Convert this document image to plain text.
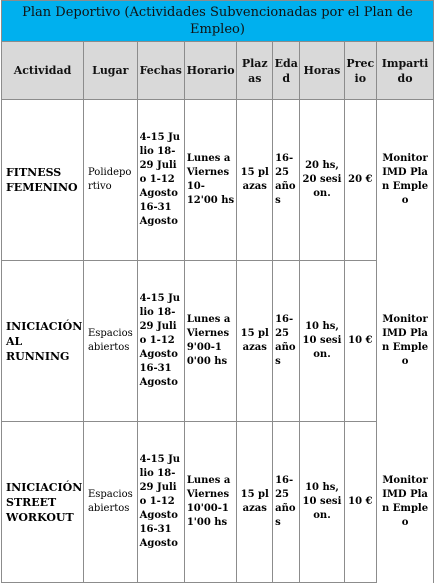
Plan Deportivo (Actividades Subvencionadas por el Plan de Empleo)								
Actividad	Lugar	Fechas	Horario	Plazas	Edad	Horas	Precio	Impartido
FITNESS FEMENINO	Polideportivo	4-15 Julio 18-29 Julio 1-12 Agosto 16-31 Agosto	Lunes a Viernes 10-12'00 hs	15 plazas	16-25 años	20 hs, 20 sesion.	20 €	Monitor IMD Plan Empleo
INICIACIÓN AL RUNNING	Espacios abiertos	4-15 Julio 18-29 Julio 1-12 Agosto 16-31 Agosto	Lunes a Viernes 9'00-10'00 hs	15 plazas	16-25 años	10 hs, 10 sesion.	10 €	Monitor IMD Plan Empleo
INICIACIÓN STREET WORKOUT	Espacios abiertos	4-15 Julio 18-29 Julio 1-12 Agosto 16-31 Agosto	Lunes a Viernes 10'00-11'00 hs	15 plazas	16-25 años	10 hs, 10 sesion.	10 €	Monitor IMD Plan Empleo
